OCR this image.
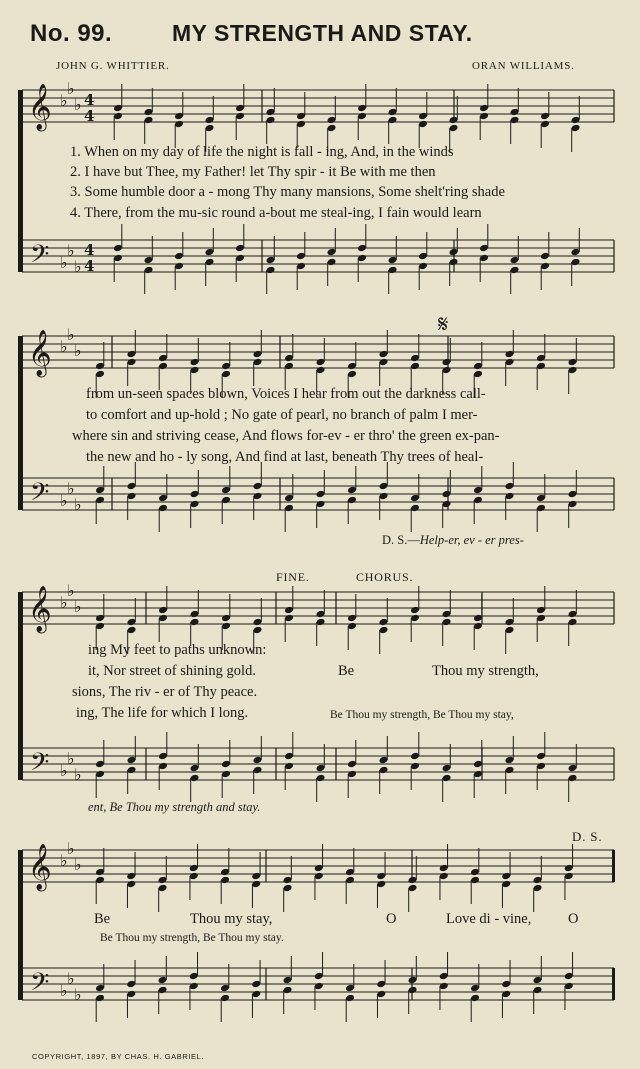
𝄞
𝄢
♭
♭
♭
♭
♭
♭
4
4
4
4
𝄞
𝄢
♭
♭
♭
♭
♭
♭
𝄞
𝄢
♭
♭
♭
♭
♭
♭
𝄞
𝄢
♭
♭
♭
♭
♭
♭
No. 99.	MY STRENGTH AND STAY.
JOHN G. WHITTIER.	ORAN WILLIAMS.
1. When on my day of life the night is fall - ing, And, in the winds
2. I have but Thee, my Father! let Thy spir - it Be with me then
3. Some humble door a - mong Thy many mansions, Some shelt'ring shade
4. There, from the mu-sic round a-bout me steal-ing, I fain would learn
𝄋
from un-seen spaces blown, Voices I hear from out the darkness call-
to comfort and up-hold ; No gate of pearl, no branch of palm I mer-
where sin and striving cease, And flows for-ev - er thro' the green ex-pan-
the new and ho - ly song, And find at last, beneath Thy trees of heal-
D. S.—Help-er, ev - er pres-
FINE.	CHORUS.
ing My feet to paths unknown:
it, Nor street of shining gold.
sions, The riv - er of Thy peace.
ing, The life for which I long.
Be	Thou my strength,
Be Thou my strength, Be Thou my stay,
ent, Be Thou my strength and stay.
D. S.
Be	Thou my stay,	O	Love di - vine,	O
Be Thou my strength, Be Thou my stay.
COPYRIGHT, 1897, BY CHAS. H. GABRIEL.
